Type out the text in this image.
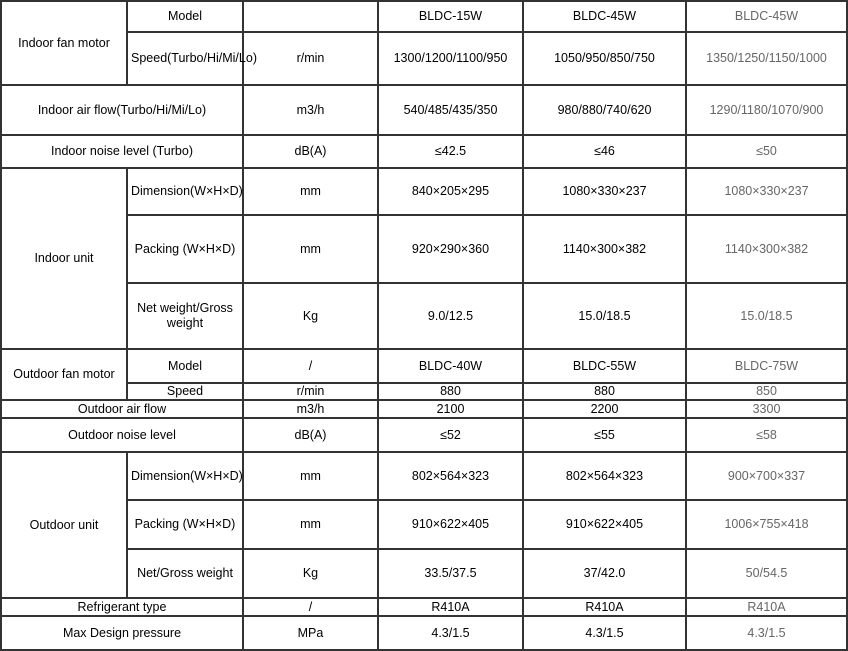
Indoor fan motor	Model		BLDC-15W	BLDC-45W	BLDC-45W
	Speed(Turbo/Hi/Mi/Lo)	r/min	1300/1200/1100/950	1050/950/850/750	1350/1250/1150/1000
Indoor air flow(Turbo/Hi/Mi/Lo)		m3/h	540/485/435/350	980/880/740/620	1290/1180/1070/900
Indoor noise level (Turbo)		dB(A)	≤42.5	≤46	≤50
Indoor unit	Dimension(W×H×D)	mm	840×205×295	1080×330×237	1080×330×237
	Packing (W×H×D)	mm	920×290×360	1140×300×382	1140×300×382
	Net weight/Gross weight	Kg	9.0/12.5	15.0/18.5	15.0/18.5
Outdoor fan motor	Model	/	BLDC-40W	BLDC-55W	BLDC-75W
	Speed	r/min	880	880	850
Outdoor air flow		m3/h	2100	2200	3300
Outdoor noise level		dB(A)	≤52	≤55	≤58
Outdoor unit	Dimension(W×H×D)	mm	802×564×323	802×564×323	900×700×337
	Packing (W×H×D)	mm	910×622×405	910×622×405	1006×755×418
	Net/Gross weight	Kg	33.5/37.5	37/42.0	50/54.5
Refrigerant type		/	R410A	R410A	R410A
Max Design pressure		MPa	4.3/1.5	4.3/1.5	4.3/1.5
